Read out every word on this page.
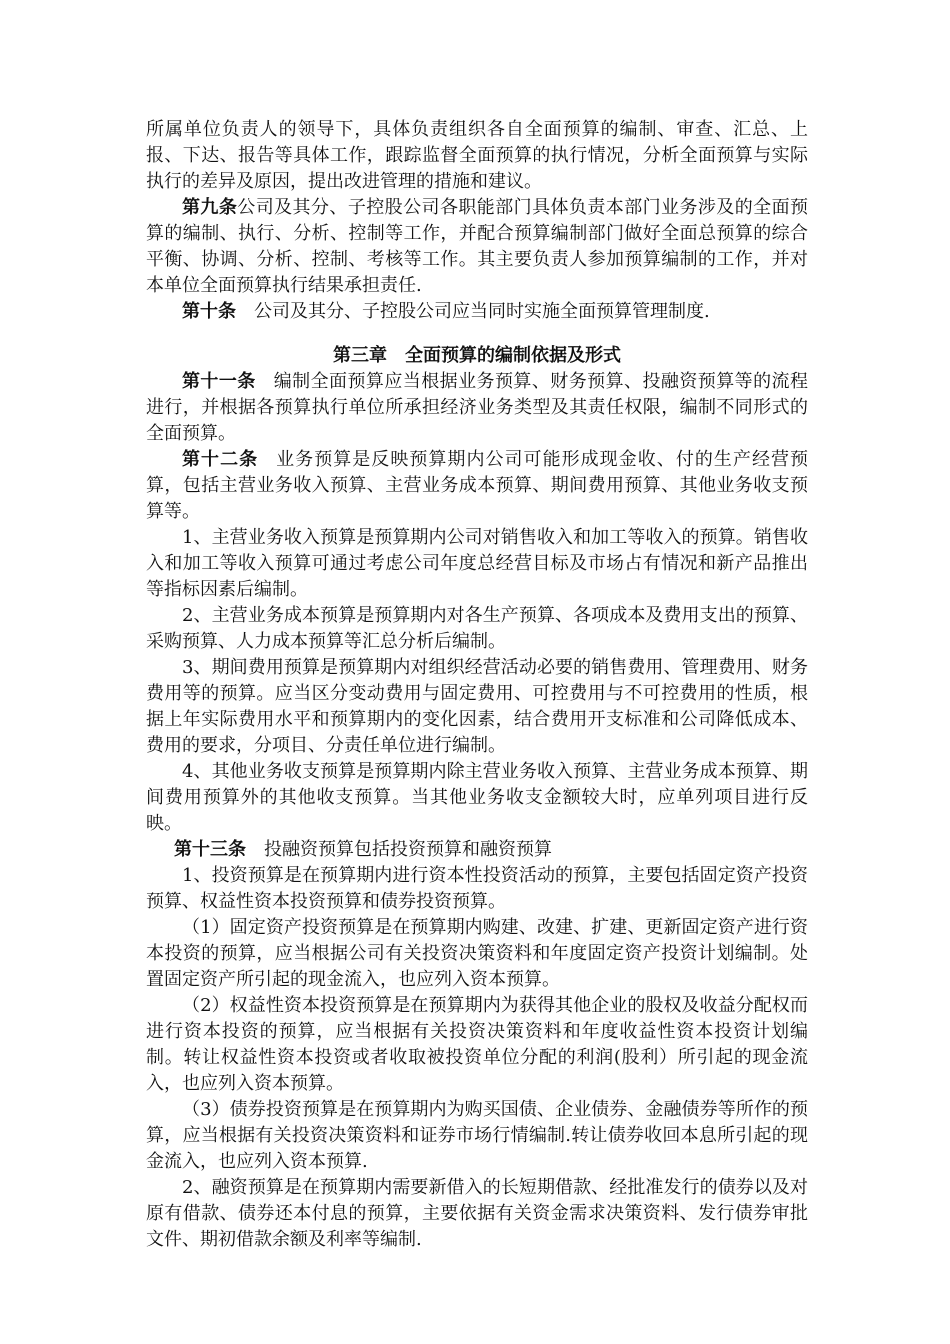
所属单位负责人的领导下，具体负责组织各自全面预算的编制、审查、汇总、上报、下达、报告等具体工作，跟踪监督全面预算的执行情况，分析全面预算与实际执行的差异及原因，提出改进管理的措施和建议。

第九条公司及其分、子控股公司各职能部门具体负责本部门业务涉及的全面预算的编制、执行、分析、控制等工作，并配合预算编制部门做好全面总预算的综合平衡、协调、分析、控制、考核等工作。其主要负责人参加预算编制的工作，并对本单位全面预算执行结果承担责任.

第十条 公司及其分、子控股公司应当同时实施全面预算管理制度.

第三章　全面预算的编制依据及形式

第十一条 编制全面预算应当根据业务预算、财务预算、投融资预算等的流程进行，并根据各预算执行单位所承担经济业务类型及其责任权限，编制不同形式的全面预算。

第十二条 业务预算是反映预算期内公司可能形成现金收、付的生产经营预算，包括主营业务收入预算、主营业务成本预算、期间费用预算、其他业务收支预算等。

1、主营业务收入预算是预算期内公司对销售收入和加工等收入的预算。销售收入和加工等收入预算可通过考虑公司年度总经营目标及市场占有情况和新产品推出等指标因素后编制。

2、主营业务成本预算是预算期内对各生产预算、各项成本及费用支出的预算、采购预算、人力成本预算等汇总分析后编制。

3、期间费用预算是预算期内对组织经营活动必要的销售费用、管理费用、财务费用等的预算。应当区分变动费用与固定费用、可控费用与不可控费用的性质，根据上年实际费用水平和预算期内的变化因素，结合费用开支标准和公司降低成本、费用的要求，分项目、分责任单位进行编制。

4、其他业务收支预算是预算期内除主营业务收入预算、主营业务成本预算、期间费用预算外的其他收支预算。当其他业务收支金额较大时，应单列项目进行反映。

第十三条 投融资预算包括投资预算和融资预算

1、投资预算是在预算期内进行资本性投资活动的预算，主要包括固定资产投资预算、权益性资本投资预算和债券投资预算。

（1）固定资产投资预算是在预算期内购建、改建、扩建、更新固定资产进行资本投资的预算，应当根据公司有关投资决策资料和年度固定资产投资计划编制。处置固定资产所引起的现金流入，也应列入资本预算。

（2）权益性资本投资预算是在预算期内为获得其他企业的股权及收益分配权而进行资本投资的预算，应当根据有关投资决策资料和年度收益性资本投资计划编制。转让权益性资本投资或者收取被投资单位分配的利润(股利）所引起的现金流入，也应列入资本预算。

（3）债券投资预算是在预算期内为购买国债、企业债券、金融债券等所作的预算，应当根据有关投资决策资料和证券市场行情编制.转让债券收回本息所引起的现金流入，也应列入资本预算.

2、融资预算是在预算期内需要新借入的长短期借款、经批准发行的债券以及对原有借款、债券还本付息的预算，主要依据有关资金需求决策资料、发行债券审批文件、期初借款余额及利率等编制.
